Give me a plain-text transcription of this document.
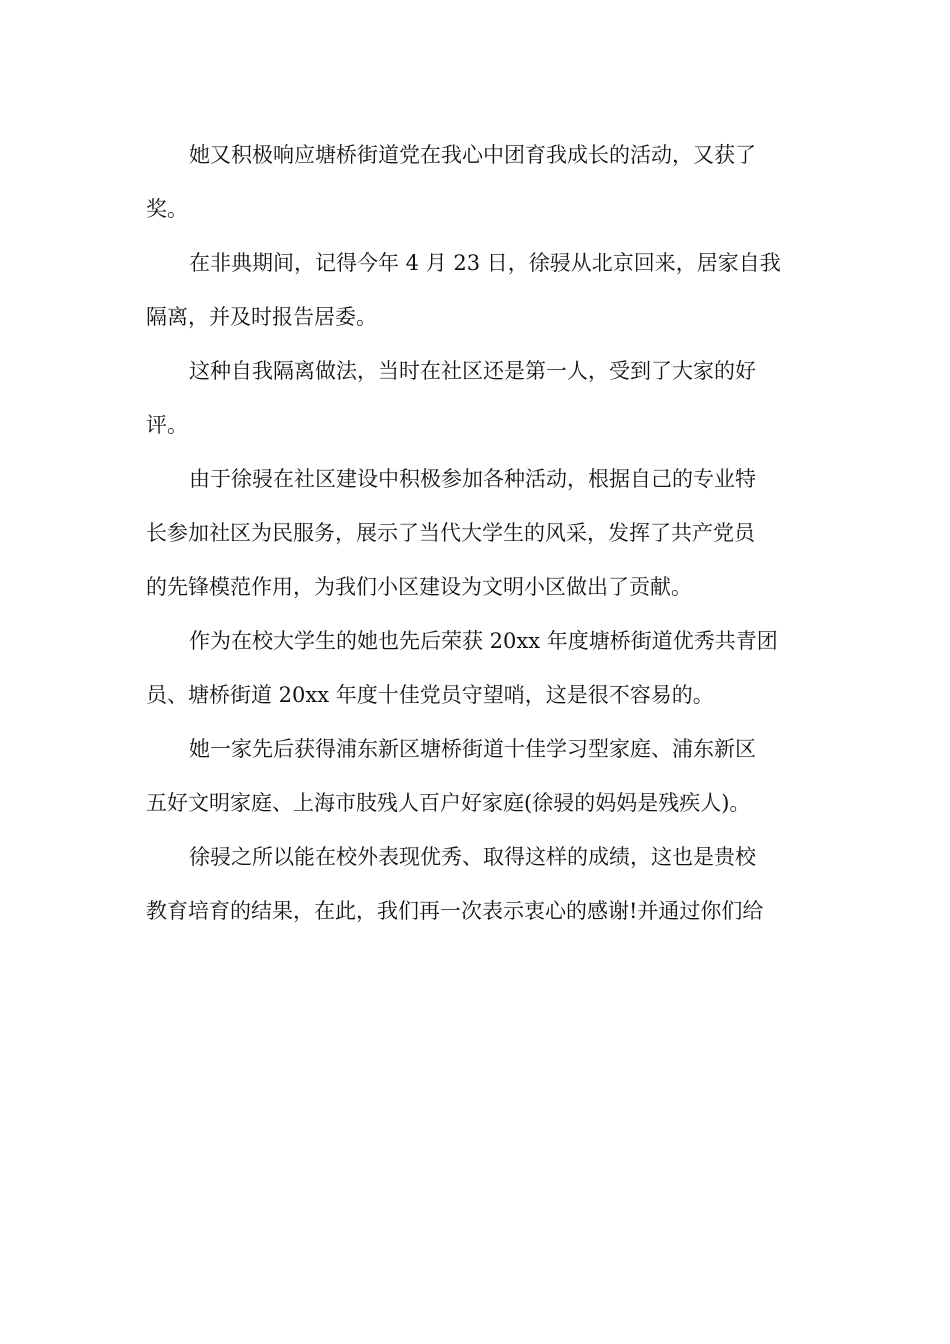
她又积极响应塘桥街道党在我心中团育我成长的活动，又获了
奖。
在非典期间，记得今年 4 月 23 日，徐骎从北京回来，居家自我
隔离，并及时报告居委。
这种自我隔离做法，当时在社区还是第一人，受到了大家的好
评。
由于徐骎在社区建设中积极参加各种活动，根据自己的专业特
长参加社区为民服务，展示了当代大学生的风采，发挥了共产党员
的先锋模范作用，为我们小区建设为文明小区做出了贡献。
作为在校大学生的她也先后荣获 20xx 年度塘桥街道优秀共青团
员、塘桥街道 20xx 年度十佳党员守望哨，这是很不容易的。
她一家先后获得浦东新区塘桥街道十佳学习型家庭、浦东新区
五好文明家庭、上海市肢残人百户好家庭(徐骎的妈妈是残疾人)。
徐骎之所以能在校外表现优秀、取得这样的成绩，这也是贵校
教育培育的结果，在此，我们再一次表示衷心的感谢!并通过你们给
